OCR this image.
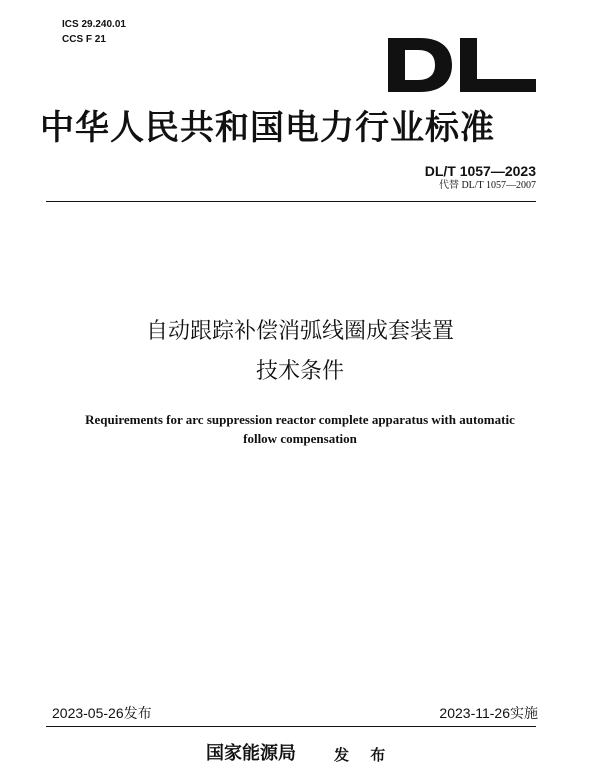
ICS 29.240.01
CCS F 21
中华人民共和国电力行业标准
DL/T 1057—2023
代替 DL/T 1057—2007
自动跟踪补偿消弧线圈成套装置
技术条件
Requirements for arc suppression reactor complete apparatus with automatic
follow compensation
2023-05-26发布	2023-11-26实施
国家能源局	发 布
